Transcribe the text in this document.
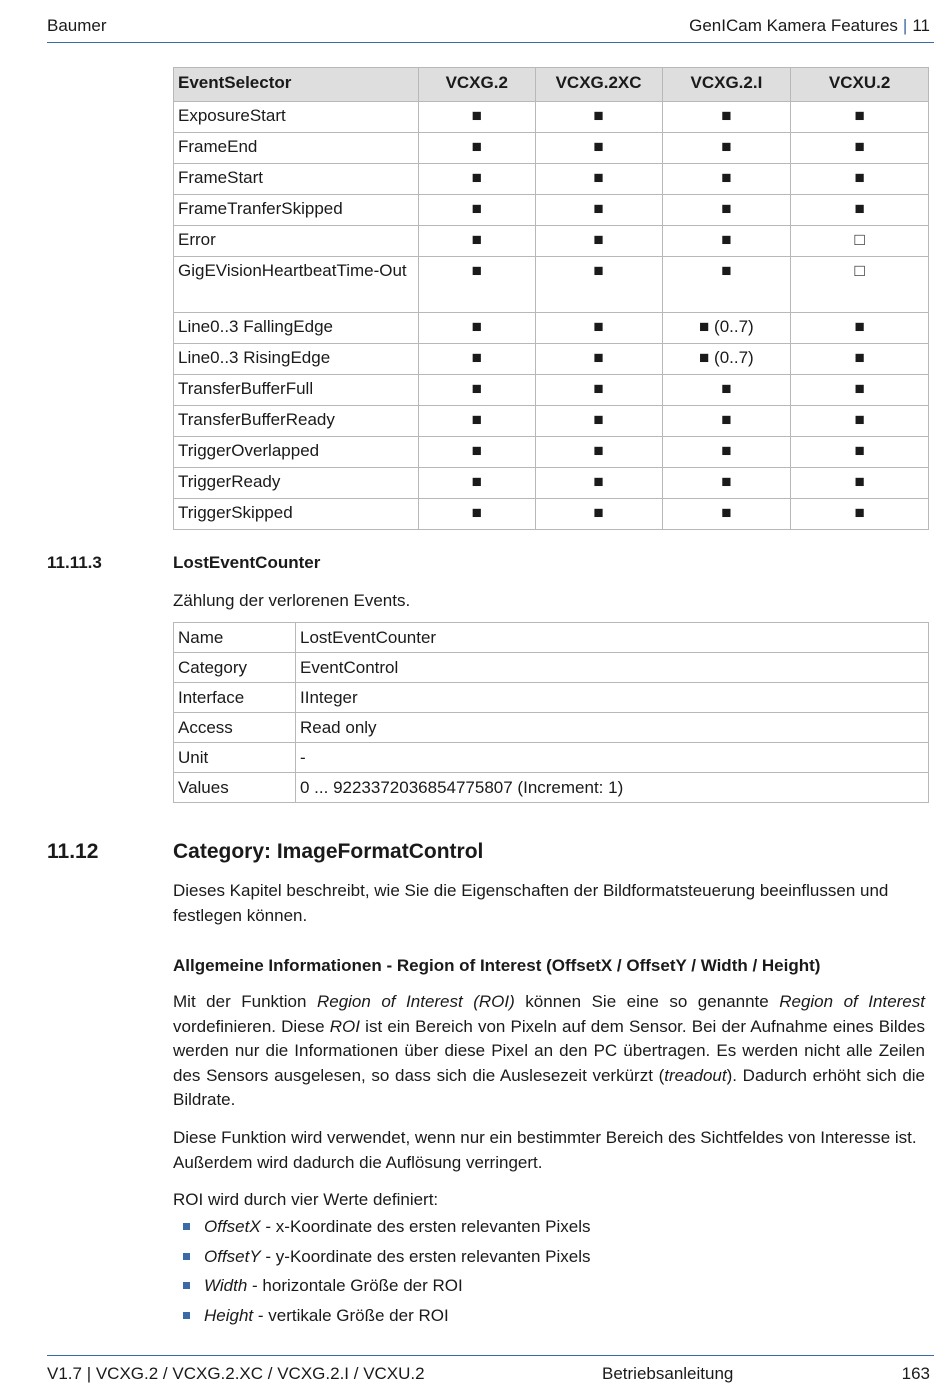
Baumer	GenICam Kamera Features | 11
EventSelector	VCXG.2	VCXG.2XC	VCXG.2.I	VCXU.2
ExposureStart	■	■	■	■
FrameEnd	■	■	■	■
FrameStart	■	■	■	■
FrameTranferSkipped	■	■	■	■
Error	■	■	■	□
GigEVisionHeartbeatTime-Out	■	■	■	□
Line0..3 FallingEdge	■	■	■ (0..7)	■
Line0..3 RisingEdge	■	■	■ (0..7)	■
TransferBufferFull	■	■	■	■
TransferBufferReady	■	■	■	■
TriggerOverlapped	■	■	■	■
TriggerReady	■	■	■	■
TriggerSkipped	■	■	■	■
11.11.3	LostEventCounter
Zählung der verlorenen Events.
Name	LostEventCounter
Category	EventControl
Interface	IInteger
Access	Read only
Unit	-
Values	0 ... 9223372036854775807 (Increment: 1)
11.12	Category: ImageFormatControl
Dieses Kapitel beschreibt, wie Sie die Eigenschaften der Bildformatsteuerung beeinflussen und festlegen können.
Allgemeine Informationen - Region of Interest (OffsetX / OffsetY / Width / Height)
Mit der Funktion Region of Interest (ROI) können Sie eine so genannte Region of Interest vordefinieren. Diese ROI ist ein Bereich von Pixeln auf dem Sensor. Bei der Aufnahme eines Bildes werden nur die Informationen über diese Pixel an den PC übertragen. Es werden nicht alle Zeilen des Sensors ausgelesen, so dass sich die Auslesezeit verkürzt (treadout). Dadurch erhöht sich die Bildrate.
Diese Funktion wird verwendet, wenn nur ein bestimmter Bereich des Sichtfeldes von Interesse ist. Außerdem wird dadurch die Auflösung verringert.
ROI wird durch vier Werte definiert:
OffsetX - x-Koordinate des ersten relevanten Pixels
OffsetY - y-Koordinate des ersten relevanten Pixels
Width - horizontale Größe der ROI
Height - vertikale Größe der ROI
V1.7 | VCXG.2 / VCXG.2.XC / VCXG.2.I / VCXU.2	Betriebsanleitung	163
